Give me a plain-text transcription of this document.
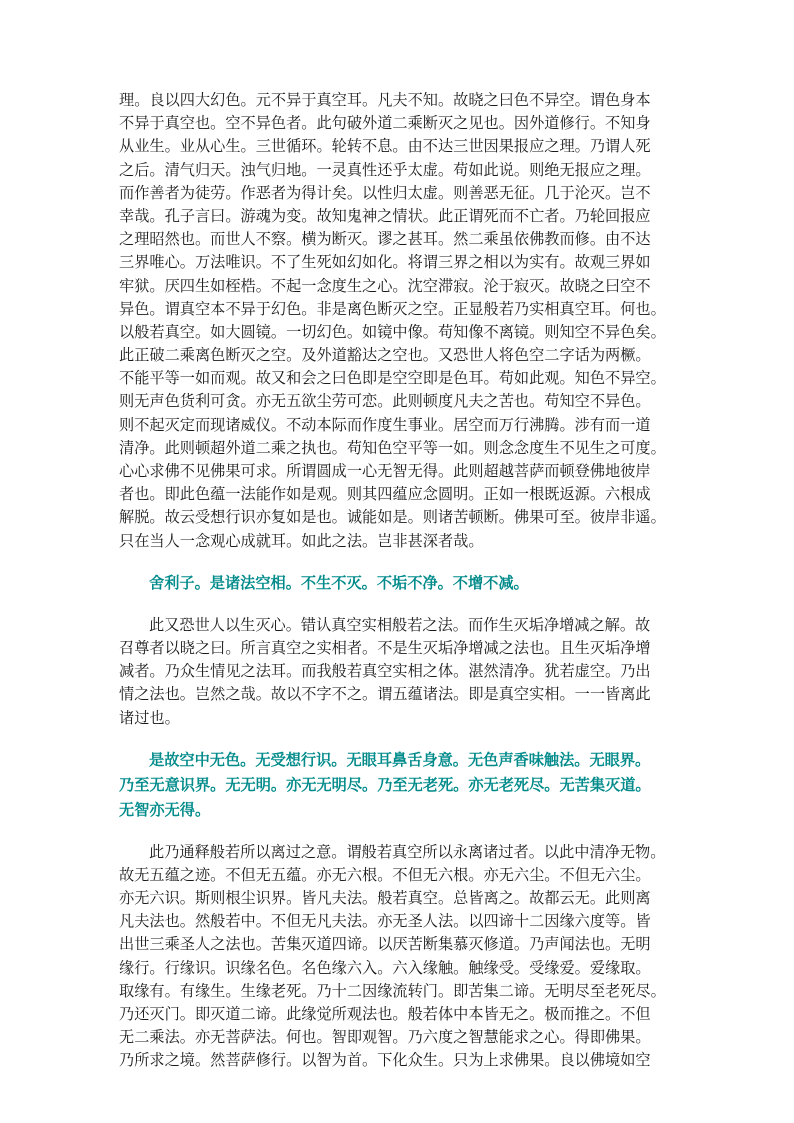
理。良以四大幻色。元不异于真空耳。凡夫不知。故晓之曰色不异空。谓色身本
不异于真空也。空不异色者。此句破外道二乘断灭之见也。因外道修行。不知身
从业生。业从心生。三世循环。轮转不息。由不达三世因果报应之理。乃谓人死
之后。清气归天。浊气归地。一灵真性还乎太虚。苟如此说。则绝无报应之理。
而作善者为徒劳。作恶者为得计矣。以性归太虚。则善恶无征。几于沦灭。岂不
幸哉。孔子言曰。游魂为变。故知鬼神之情状。此正谓死而不亡者。乃轮回报应
之理昭然也。而世人不察。横为断灭。谬之甚耳。然二乘虽依佛教而修。由不达
三界唯心。万法唯识。不了生死如幻如化。将谓三界之相以为实有。故观三界如
牢狱。厌四生如桎梏。不起一念度生之心。沈空滞寂。沦于寂灭。故晓之曰空不
异色。谓真空本不异于幻色。非是离色断灭之空。正显般若乃实相真空耳。何也。
以般若真空。如大圆镜。一切幻色。如镜中像。苟知像不离镜。则知空不异色矣。
此正破二乘离色断灭之空。及外道豁达之空也。又恐世人将色空二字话为两橛。
不能平等一如而观。故又和会之曰色即是空空即是色耳。苟如此观。知色不异空。
则无声色货利可贪。亦无五欲尘劳可恋。此则顿度凡夫之苦也。苟知空不异色。
则不起灭定而现诸威仪。不动本际而作度生事业。居空而万行沸腾。涉有而一道
清净。此则顿超外道二乘之执也。苟知色空平等一如。则念念度生不见生之可度。
心心求佛不见佛果可求。所谓圆成一心无智无得。此则超越菩萨而顿登佛地彼岸
者也。即此色蕴一法能作如是观。则其四蕴应念圆明。正如一根既返源。六根成
解脱。故云受想行识亦复如是也。诚能如是。则诸苦顿断。佛果可至。彼岸非遥。
只在当人一念观心成就耳。如此之法。岂非甚深者哉。
舍利子。是诸法空相。不生不灭。不垢不净。不增不减。
此又恐世人以生灭心。错认真空实相般若之法。而作生灭垢净增减之解。故
召尊者以晓之曰。所言真空之实相者。不是生灭垢净增减之法也。且生灭垢净增
减者。乃众生情见之法耳。而我般若真空实相之体。湛然清净。犹若虚空。乃出
情之法也。岂然之哉。故以不字不之。谓五蕴诸法。即是真空实相。一一皆离此
诸过也。
是故空中无色。无受想行识。无眼耳鼻舌身意。无色声香味触法。无眼界。
乃至无意识界。无无明。亦无无明尽。乃至无老死。亦无老死尽。无苦集灭道。
无智亦无得。
此乃通释般若所以离过之意。谓般若真空所以永离诸过者。以此中清净无物。
故无五蕴之迹。不但无五蕴。亦无六根。不但无六根。亦无六尘。不但无六尘。
亦无六识。斯则根尘识界。皆凡夫法。般若真空。总皆离之。故都云无。此则离
凡夫法也。然般若中。不但无凡夫法。亦无圣人法。以四谛十二因缘六度等。皆
出世三乘圣人之法也。苦集灭道四谛。以厌苦断集慕灭修道。乃声闻法也。无明
缘行。行缘识。识缘名色。名色缘六入。六入缘触。触缘受。受缘爱。爱缘取。
取缘有。有缘生。生缘老死。乃十二因缘流转门。即苦集二谛。无明尽至老死尽。
乃还灭门。即灭道二谛。此缘觉所观法也。般若体中本皆无之。极而推之。不但
无二乘法。亦无菩萨法。何也。智即观智。乃六度之智慧能求之心。得即佛果。
乃所求之境。然菩萨修行。以智为首。下化众生。只为上求佛果。良以佛境如空
